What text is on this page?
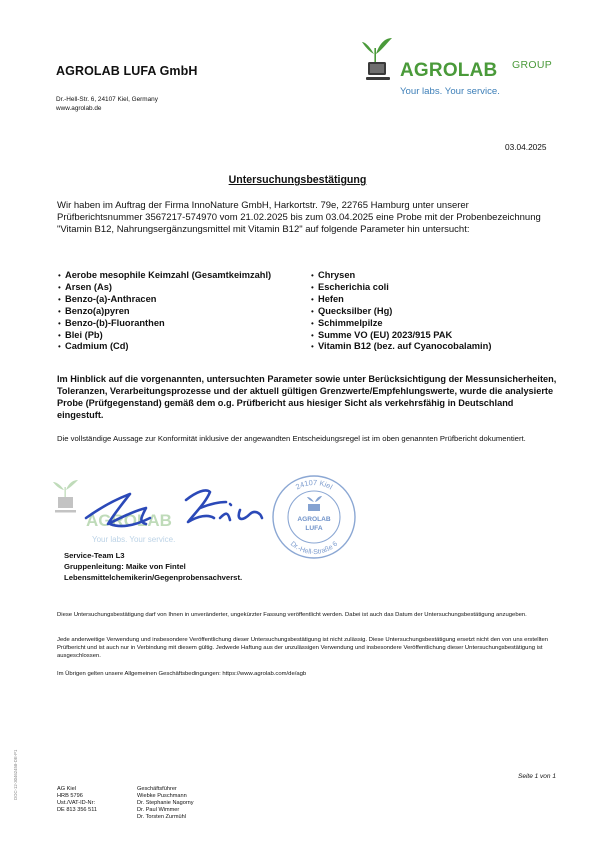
AGROLAB LUFA GmbH
Dr.-Hell-Str. 6, 24107 Kiel, Germany
www.agrolab.de
AGROLAB GROUP
Your labs. Your service.
03.04.2025
Untersuchungsbestätigung
Wir haben im Auftrag der Firma InnoNature GmbH, Harkortstr. 79e, 22765 Hamburg unter unserer Prüfberichtsnummer 3567217-574970 vom 21.02.2025 bis zum 03.04.2025 eine Probe mit der Probenbezeichnung "Vitamin B12, Nahrungsergänzungsmittel mit Vitamin B12" auf folgende Parameter hin untersucht:
• Aerobe mesophile Keimzahl (Gesamtkeimzahl)
• Arsen (As)
• Benzo-(a)-Anthracen
• Benzo(a)pyren
• Benzo-(b)-Fluoranthen
• Blei (Pb)
• Cadmium (Cd)
• Chrysen
• Escherichia coli
• Hefen
• Quecksilber (Hg)
• Schimmelpilze
• Summe VO (EU) 2023/915 PAK
• Vitamin B12 (bez. auf Cyanocobalamin)
Im Hinblick auf die vorgenannten, untersuchten Parameter sowie unter Berücksichtigung der Messunsicherheiten, Toleranzen, Verarbeitungsprozesse und der aktuell gültigen Grenzwerte/Empfehlungswerte, wurde die analysierte Probe (Prüfgegenstand) gemäß dem o.g. Prüfbericht aus hiesiger Sicht als verkehrsfähig in Deutschland eingestuft.
Die vollständige Aussage zur Konformität inklusive der angewandten Entscheidungsregel ist im oben genannten Prüfbericht dokumentiert.
AGROLAB
Your labs. Your service.
24107 Kiel
Dr.-Hell-Straße 6
AGROLAB
LUFA
Service-Team L3
Gruppenleitung: Maike von Fintel
Lebensmittelchemikerin/Gegenprobensachverst.
Diese Untersuchungsbestätigung darf von Ihnen in unveränderter, ungekürzter Fassung veröffentlicht werden. Dabei ist auch das Datum der Untersuchungsbestätigung anzugeben.
Jede anderweitige Verwendung und insbesondere Veröffentlichung dieser Untersuchungsbestätigung ist nicht zulässig. Diese Untersuchungsbestätigung ersetzt nicht den von uns erstellten Prüfbericht und ist auch nur in Verbindung mit diesem gültig. Jedwede Haftung aus der unzulässigen Verwendung und insbesondere Veröffentlichung dieser Untersuchungsbestätigung ist ausgeschlossen.
Im Übrigen gelten unsere Allgemeinen Geschäftsbedingungen: https://www.agrolab.com/de/agb
Seite 1 von 1
AG Kiel
HRB 5796
Ust./VAT-ID-Nr:
DE 813 356 511
Geschäftsführer
Wiebke Puschmann
Dr. Stephanie Nagorny
Dr. Paul Wimmer
Dr. Torsten Zurmühl
DOC-12-30462458-DE-P1
